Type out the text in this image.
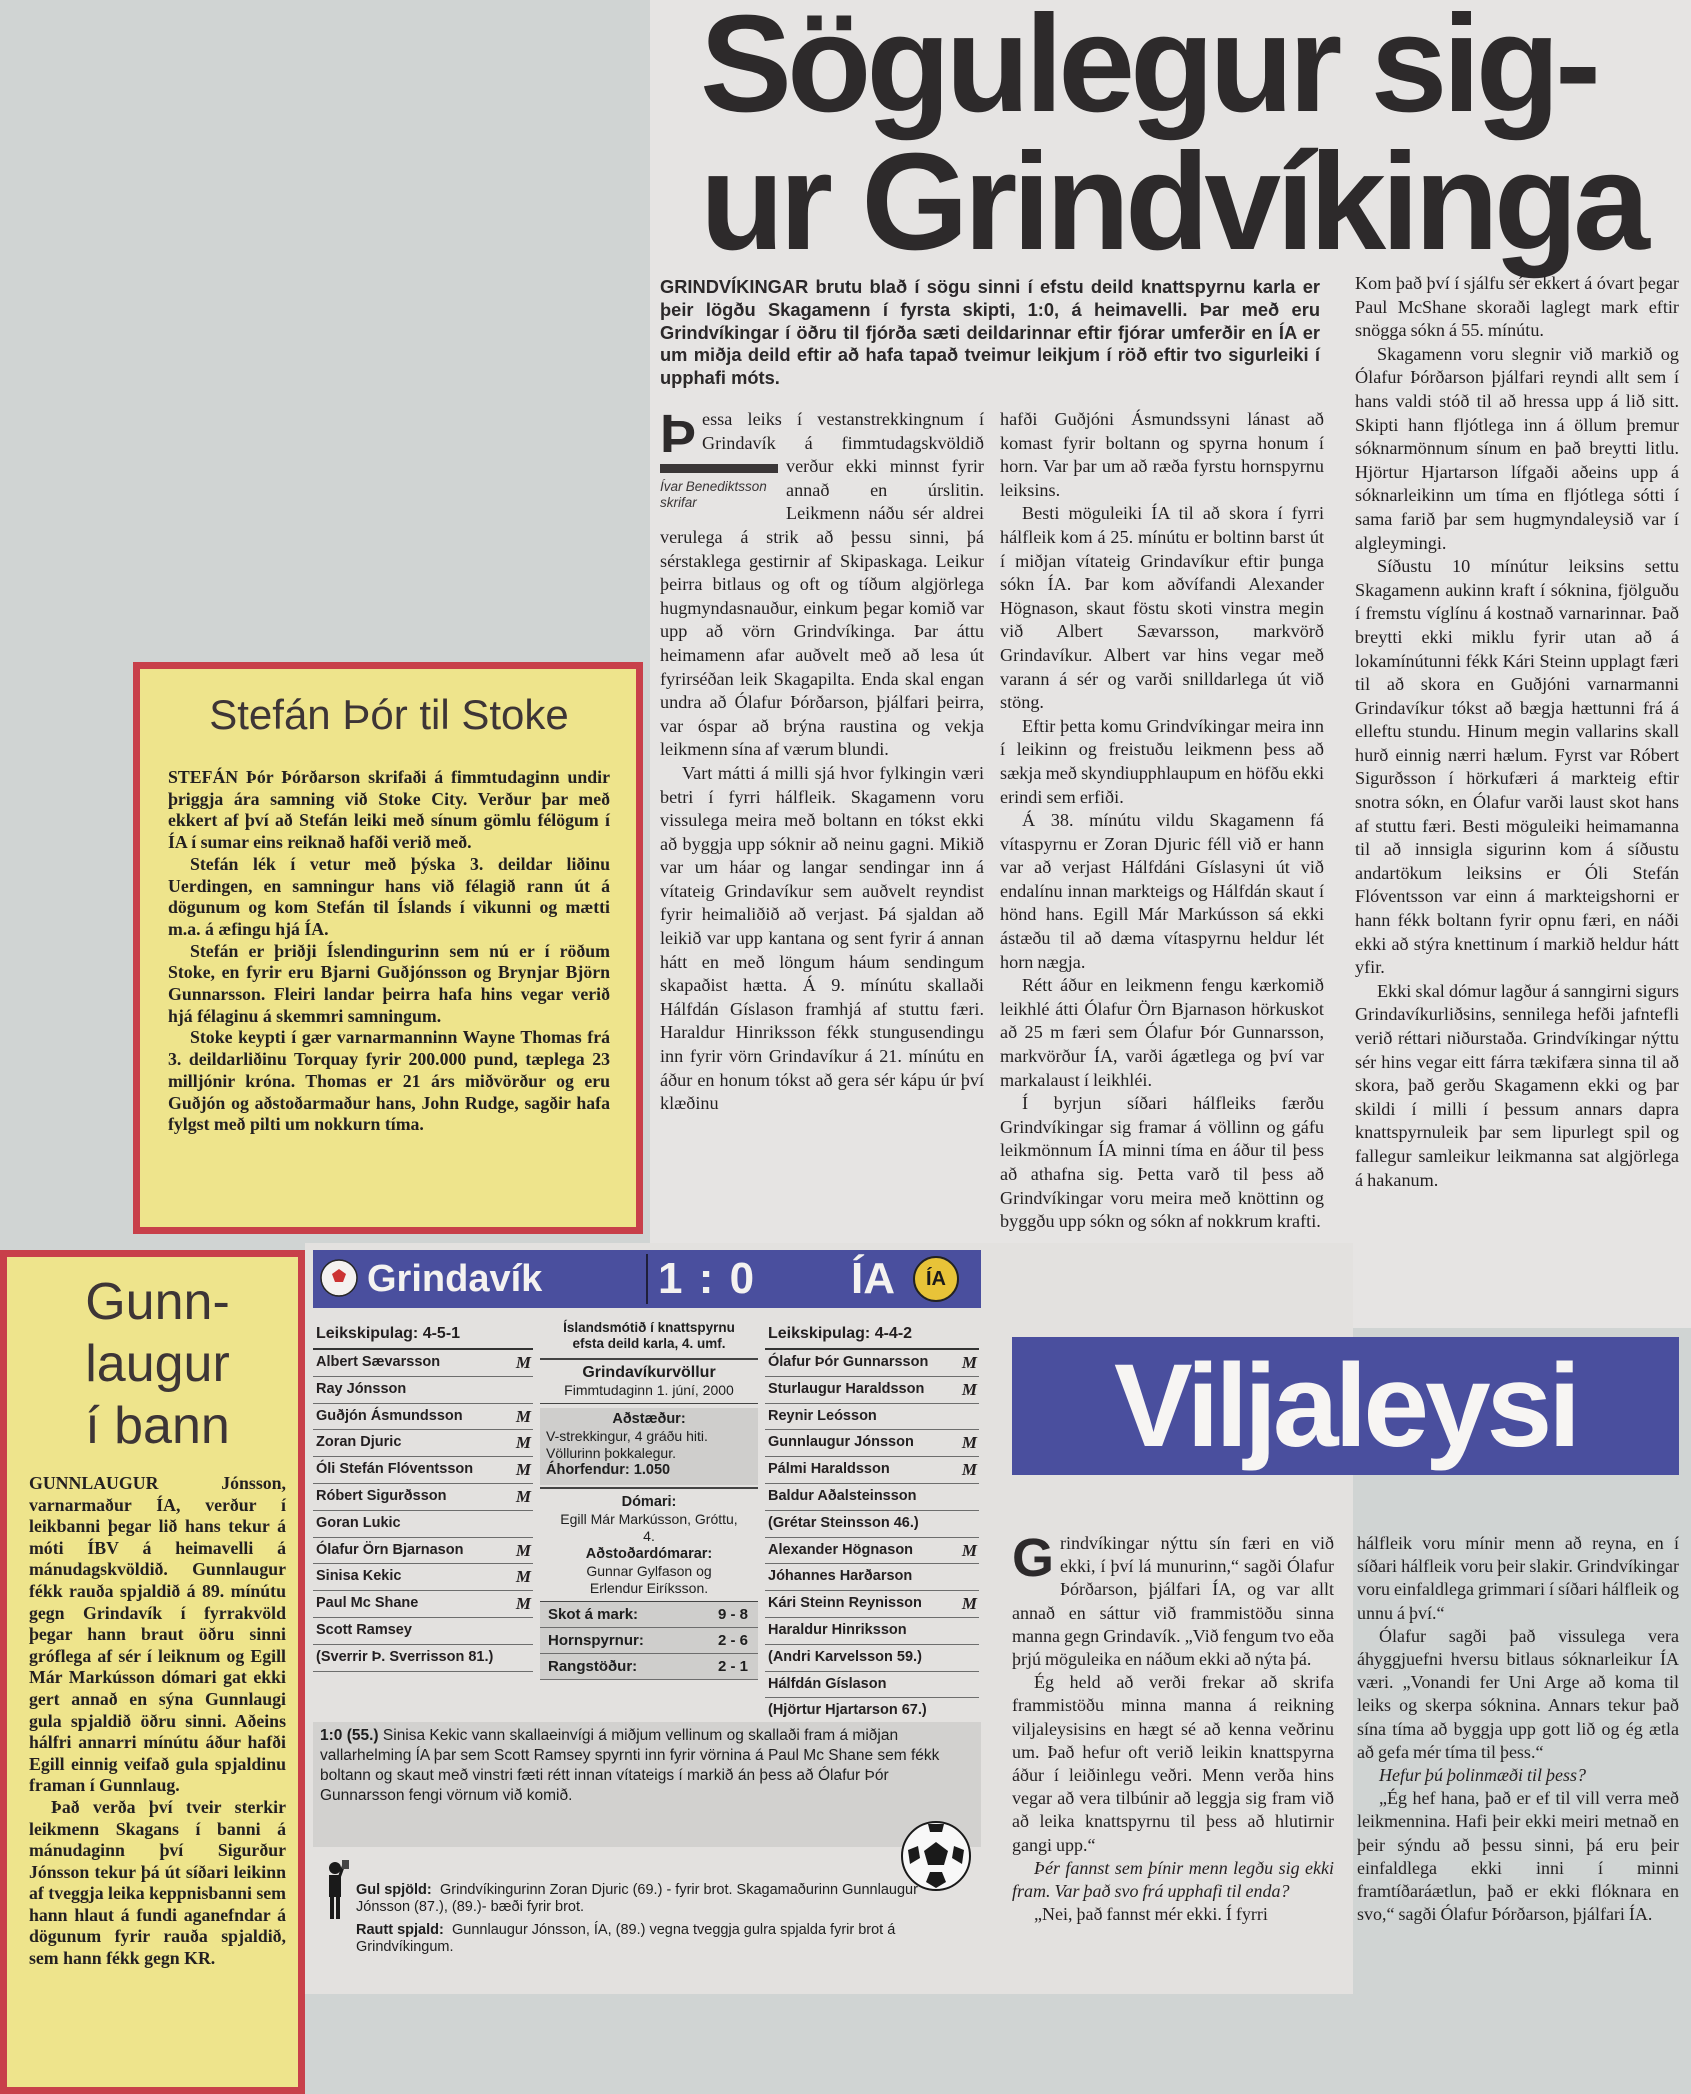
Sögulegur sig-
ur Grindvíkinga
GRINDVÍKINGAR brutu blað í sögu sinni í efstu deild knattspyrnu karla er þeir lögðu Skagamenn í fyrsta skipti, 1:0, á heimavelli. Þar með eru Grindvíkingar í öðru til fjórða sæti deildarinnar eftir fjórar umferðir en ÍA er um miðja deild eftir að hafa tapað tveimur leikjum í röð eftir tvo sigurleiki í upphafi móts.
Þ
Ívar Benediktsson
skrifar

essa leiks í vestanstrekkingnum í Grindavík á fimmtudagskvöldið verður ekki minnst fyrir annað en úrslitin. Leikmenn náðu sér aldrei verulega á strik að þessu sinni, þá sérstaklega gestirnir af Skipaskaga. Leikur þeirra bitlaus og oft og tíðum algjörlega hugmyndasnauður, einkum þegar komið var upp að vörn Grindvíkinga. Þar áttu heimamenn afar auðvelt með að lesa út fyrirséðan leik Skagapilta. Enda skal engan undra að Ólafur Þórðarson, þjálfari þeirra, var óspar að brýna raustina og vekja leikmenn sína af værum blundi.

Vart mátti á milli sjá hvor fylkingin væri betri í fyrri hálfleik. Skagamenn voru vissulega meira með boltann en tókst ekki að byggja upp sóknir að neinu gagni. Mikið var um háar og langar sendingar inn á vítateig Grindavíkur sem auðvelt reyndist fyrir heimaliðið að verjast. Þá sjaldan að leikið var upp kantana og sent fyrir á annan hátt en með löngum háum sendingum skapaðist hætta. Á 9. mínútu skallaði Hálfdán Gíslason framhjá af stuttu færi. Haraldur Hinriksson fékk stungusendingu inn fyrir vörn Grindavíkur á 21. mínútu en áður en honum tókst að gera sér kápu úr því klæðinu

hafði Guðjóni Ásmundssyni lánast að komast fyrir boltann og spyrna honum í horn. Var þar um að ræða fyrstu hornspyrnu leiksins.

Besti möguleiki ÍA til að skora í fyrri hálfleik kom á 25. mínútu er boltinn barst út í miðjan vítateig Grindavíkur eftir þunga sókn ÍA. Þar kom aðvífandi Alexander Högnason, skaut föstu skoti vinstra megin við Albert Sævarsson, markvörð Grindavíkur. Albert var hins vegar með varann á sér og varði snilldarlega út við stöng.

Eftir þetta komu Grindvíkingar meira inn í leikinn og freistuðu leikmenn þess að sækja með skyndiupphlaupum en höfðu ekki erindi sem erfiði.

Á 38. mínútu vildu Skagamenn fá vítaspyrnu er Zoran Djuric féll við er hann var að verjast Hálfdáni Gíslasyni út við endalínu innan markteigs og Hálfdán skaut í hönd hans. Egill Már Markússon sá ekki ástæðu til að dæma vítaspyrnu heldur lét horn nægja.

Rétt áður en leikmenn fengu kærkomið leikhlé átti Ólafur Örn Bjarnason hörkuskot að 25 m færi sem Ólafur Þór Gunnarsson, markvörður ÍA, varði ágætlega og því var markalaust í leikhléi.

Í byrjun síðari hálfleiks færðu Grindvíkingar sig framar á völlinn og gáfu leikmönnum ÍA minni tíma en áður til þess að athafna sig. Þetta varð til þess að Grindvíkingar voru meira með knöttinn og byggðu upp sókn og sókn af nokkrum krafti.

Kom það því í sjálfu sér ekkert á óvart þegar Paul McShane skoraði laglegt mark eftir snögga sókn á 55. mínútu.

Skagamenn voru slegnir við markið og Ólafur Þórðarson þjálfari reyndi allt sem í hans valdi stóð til að hressa upp á lið sitt. Skipti hann fljótlega inn á öllum þremur sóknarmönnum sínum en það breytti litlu. Hjörtur Hjartarson lífgaði aðeins upp á sóknarleikinn um tíma en fljótlega sótti í sama farið þar sem hugmyndaleysið var í algleymingi.

Síðustu 10 mínútur leiksins settu Skagamenn aukinn kraft í sóknina, fjölguðu í fremstu víglínu á kostnað varnarinnar. Það breytti ekki miklu fyrir utan að á lokamínútunni fékk Kári Steinn upplagt færi til að skora en Guðjóni varnarmanni Grindavíkur tókst að bægja hættunni frá á elleftu stundu. Hinum megin vallarins skall hurð einnig nærri hælum. Fyrst var Róbert Sigurðsson í hörkufæri á markteig eftir snotra sókn, en Ólafur varði laust skot hans af stuttu færi. Besti möguleiki heimamanna til að innsigla sigurinn kom á síðustu andartökum leiksins er Óli Stefán Flóventsson var einn á markteigshorni er hann fékk boltann fyrir opnu færi, en náði ekki að stýra knettinum í markið heldur hátt yfir.

Ekki skal dómur lagður á sanngirni sigurs Grindavíkurliðsins, sennilega hefði jafntefli verið réttari niðurstaða. Grindvíkingar nýttu sér hins vegar eitt fárra tækifæra sinna til að skora, það gerðu Skagamenn ekki og þar skildi í milli í þessum annars dapra knattspyrnuleik þar sem lipurlegt spil og fallegur samleikur leikmanna sat algjörlega á hakanum.

Stefán Þór til Stoke

STEFÁN Þór Þórðarson skrifaði á fimmtudaginn undir þriggja ára samning við Stoke City. Verður þar með ekkert af því að Stefán leiki með sínum gömlu félögum í ÍA í sumar eins reiknað hafði verið með.

Stefán lék í vetur með þýska 3. deildar liðinu Uerdingen, en samningur hans við félagið rann út á dögunum og kom Stefán til Íslands í vikunni og mætti m.a. á æfingu hjá ÍA.

Stefán er þriðji Íslendingurinn sem nú er í röðum Stoke, en fyrir eru Bjarni Guðjónsson og Brynjar Björn Gunnarsson. Fleiri landar þeirra hafa hins vegar verið hjá félaginu á skemmri samningum.

Stoke keypti í gær varnarmanninn Wayne Thomas frá 3. deildarliðinu Torquay fyrir 200.000 pund, tæplega 23 milljónir króna. Thomas er 21 árs miðvörður og eru Guðjón og aðstoðarmaður hans, John Rudge, sagðir hafa fylgst með pilti um nokkurn tíma.

Gunn-
laugur
í bann

GUNNLAUGUR Jónsson, varnarmaður ÍA, verður í leikbanni þegar lið hans tekur á móti ÍBV á heimavelli á mánudagskvöldið. Gunnlaugur fékk rauða spjaldið á 89. mínútu gegn Grindavík í fyrrakvöld þegar hann braut öðru sinni gróflega af sér í leiknum og Egill Már Markússon dómari gat ekki gert annað en sýna Gunnlaugi gula spjaldið öðru sinni. Aðeins hálfri annarri mínútu áður hafði Egill einnig veifað gula spjaldinu framan í Gunnlaug.

Það verða því tveir sterkir leikmenn Skagans í banni á mánudaginn því Sigurður Jónsson tekur þá út síðari leikinn af tveggja leika keppnisbanni sem hann hlaut á fundi aganefndar á dögunum fyrir rauða spjaldið, sem hann fékk gegn KR.

Grindavík	1 : 0 ÍA	ÍA
Leikskipulag: 4-5-1
Albert Sævarsson	M
Ray Jónsson
Guðjón Ásmundsson	M
Zoran Djuric	M
Óli Stefán Flóventsson	M
Róbert Sigurðsson	M
Goran Lukic
Ólafur Örn Bjarnason	M
Sinisa Kekic	M
Paul Mc Shane	M
Scott Ramsey
(Sverrir Þ. Sverrisson 81.)
Íslandsmótið í knattspyrnu efsta deild karla, 4. umf.
Grindavíkurvöllur
Fimmtudaginn 1. júní, 2000
Aðstæður:
V-strekkingur, 4 gráðu hiti. Völlurinn þokkalegur.
Áhorfendur: 1.050
Dómari:
Egill Már Markússon, Gróttu, 4.
Aðstoðardómarar:
Gunnar Gylfason og Erlendur Eiríksson.
Skot á mark:	9 - 8
Hornspyrnur:	2 - 6
Rangstöður:	2 - 1
Leikskipulag: 4-4-2
Ólafur Þór Gunnarsson M
Sturlaugur Haraldsson M
Reynir Leósson
Gunnlaugur Jónsson	M
Pálmi Haraldsson	M
Baldur Aðalsteinsson
(Grétar Steinsson 46.)
Alexander Högnason	M
Jóhannes Harðarson
Kári Steinn Reynisson M
Haraldur Hinriksson
(Andri Karvelsson 59.)
Hálfdán Gíslason
(Hjörtur Hjartarson 67.)
1:0 (55.) Sinisa Kekic vann skallaeinvígi á miðjum vellinum og skallaði fram á miðjan vallarhelming ÍA þar sem Scott Ramsey spyrnti inn fyrir vörnina á Paul Mc Shane sem fékk boltann og skaut með vinstri fæti rétt innan vítateigs í markið án þess að Ólafur Þór Gunnarsson fengi vörnum við komið.
Gul spjöld: Grindvíkingurinn Zoran Djuric (69.) - fyrir brot. Skagamaðurinn Gunnlaugur Jónsson (87.), (89.)- bæði fyrir brot.
Rautt spjald: Gunnlaugur Jónsson, ÍA, (89.) vegna tveggja gulra spjalda fyrir brot á Grindvíkingum.
Viljaleysi
G rindvíkingar nýttu sín færi en við ekki, í því lá munurinn,“ sagði Ólafur Þórðarson, þjálfari ÍA, og var allt annað en sáttur við frammistöðu sinna manna gegn Grindavík. „Við fengum tvo eða þrjú möguleika en náðum ekki að nýta þá.

Ég held að verði frekar að skrifa frammistöðu minna manna á reikning viljaleysisins en hægt sé að kenna veðrinu um. Það hefur oft verið leikin knattspyrna áður í leiðinlegu veðri. Menn verða hins vegar að vera tilbúnir að leggja sig fram við að leika knattspyrnu til þess að hlutirnir gangi upp.“

Þér fannst sem þínir menn legðu sig ekki fram. Var það svo frá upphafi til enda?

„Nei, það fannst mér ekki. Í fyrri

hálfleik voru mínir menn að reyna, en í síðari hálfleik voru þeir slakir. Grindvíkingar voru einfaldlega grimmari í síðari hálfleik og unnu á því.“

Ólafur sagði það vissulega vera áhyggjuefni hversu bitlaus sóknarleikur ÍA væri. „Vonandi fer Uni Arge að koma til leiks og skerpa sóknina. Annars tekur það sína tíma að byggja upp gott lið og ég ætla að gefa mér tíma til þess.“

Hefur þú þolinmæði til þess?

„Ég hef hana, það er ef til vill verra með leikmennina. Hafi þeir ekki meiri metnað en þeir sýndu að þessu sinni, þá eru þeir einfaldlega ekki inni í minni framtíðaráætlun, það er ekki flóknara en svo,“ sagði Ólafur Þórðarson, þjálfari ÍA.
